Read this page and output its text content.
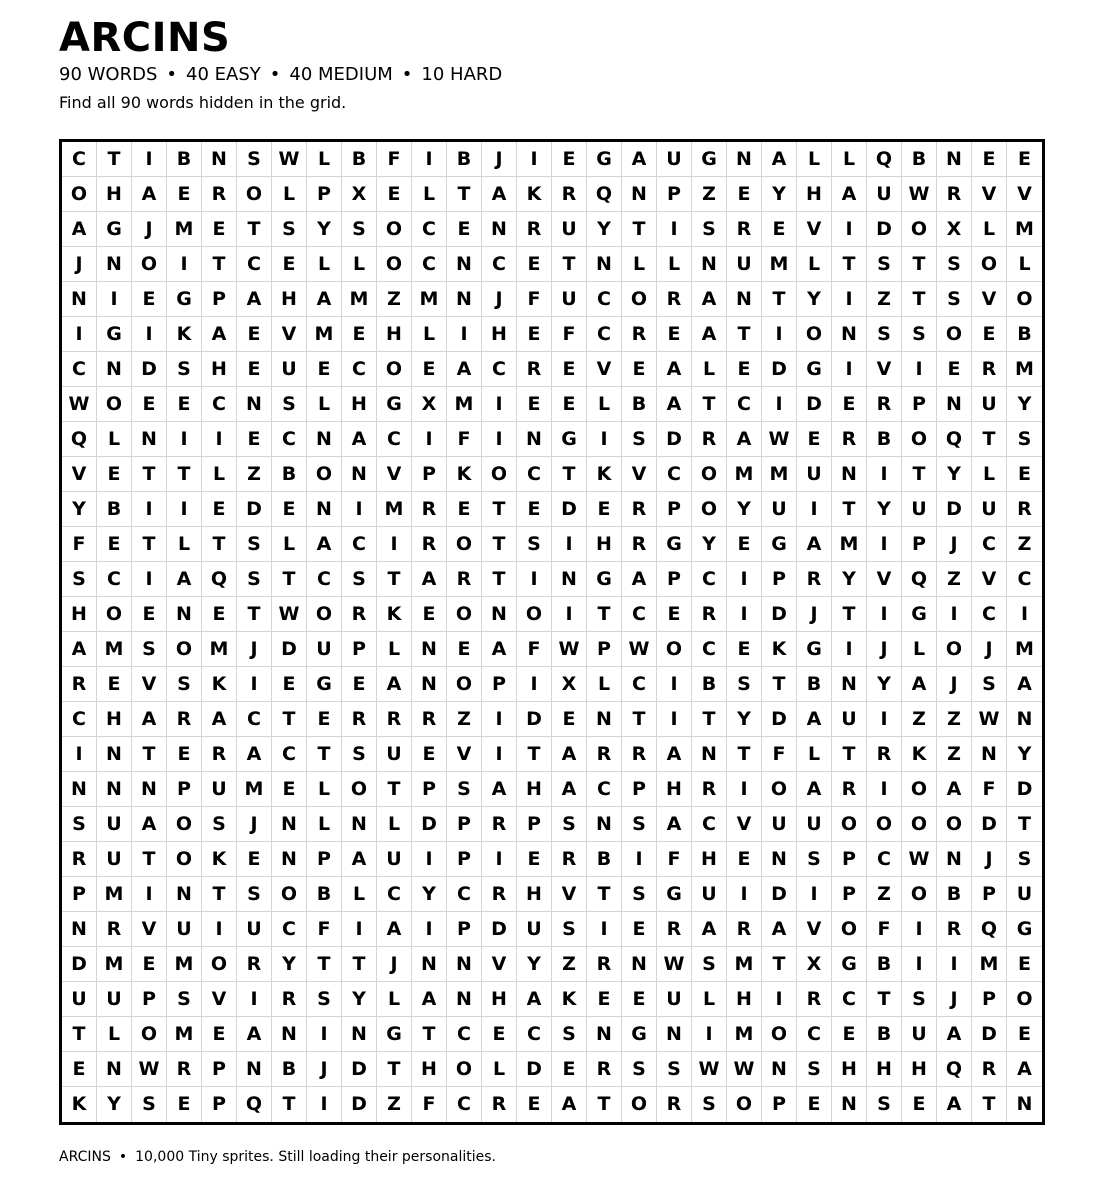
ARCINS
90 WORDS • 40 EASY • 40 MEDIUM • 10 HARD
Find all 90 words hidden in the grid.
C	T	I	B	N	S W L	B	F	I	B	J	I	E	G	A	U	G	N	A	L	L	Q	B	N	E	E
O H	A	E	R	O	L	P	X	E	L	T	A	K	R	Q N	P	Z	E	Y	H	A	U W R	V	V
A	G	J	M	E	T	S	Y	S	O	C	E	N	R	U	Y	T	I	S	R	E	V	I	D	O	X	L	M
J	N O	I	T	C	E	L	L	O	C	N	C	E	T	N	L	L	N	U M	L	T	S	T	S	O	L
N	I	E	G	P	A	H	A M Z M N	J	F	U	C	O	R	A	N	T	Y	I	Z	T	S	V	O
I	G	I	K	A	E	V M	E	H	L	I	H	E	F	C	R	E	A	T	I	O N	S	S	O	E	B
C	N	D	S	H	E	U	E	C	O	E	A	C	R	E	V	E	A	L	E	D	G	I	V	I	E	R M
W O	E	E	C	N	S	L	H	G	X M	I	E	E	L	B	A	T	C	I	D	E	R	P	N	U	Y
Q	L	N	I	I	E	C	N	A	C	I	F	I	N	G	I	S	D	R	A W E	R	B	O Q	T	S
V	E	T	T	L	Z	B	O N	V	P	K	O	C	T	K	V	C	O M M U	N	I	T	Y	L	E
Y	B	I	I	E	D	E	N	I	M R	E	T	E	D	E	R	P	O	Y	U	I	T	Y	U	D	U	R
F	E	T	L	T	S	L	A	C	I	R	O	T	S	I	H	R	G	Y	E	G	A M	I	P	J	C	Z
S	C	I	A	Q	S	T	C	S	T	A	R	T	I	N	G	A	P	C	I	P	R	Y	V	Q	Z	V	C
H O	E	N	E	T W O	R	K	E	O N O	I	T	C	E	R	I	D	J	T	I	G	I	C	I
A M S	O M	J	D	U	P	L	N	E	A	F W P W O	C	E	K	G	I	J	L	O	J	M
R	E	V	S	K	I	E	G	E	A	N O	P	I	X	L	C	I	B	S	T	B	N	Y	A	J	S	A
C	H	A	R	A	C	T	E	R	R	R	Z	I	D	E	N	T	I	T	Y	D	A	U	I	Z	Z W N
I	N	T	E	R	A	C	T	S	U	E	V	I	T	A	R	R	A	N	T	F	L	T	R	K	Z	N	Y
N	N	N	P	U M	E	L	O	T	P	S	A	H	A	C	P	H	R	I	O	A	R	I	O	A	F	D
S	U	A	O	S	J	N	L	N	L	D	P	R	P	S	N	S	A	C	V	U	U	O O O O	D	T
R	U	T	O	K	E	N	P	A	U	I	P	I	E	R	B	I	F	H	E	N	S	P	C W N	J	S
P M	I	N	T	S	O	B	L	C	Y	C	R	H	V	T	S	G	U	I	D	I	P	Z	O	B	P	U
N	R	V	U	I	U	C	F	I	A	I	P	D	U	S	I	E	R	A	R	A	V	O	F	I	R	Q	G
D M	E	M O	R	Y	T	T	J	N	N	V	Y	Z	R	N W S M	T	X	G	B	I	I	M	E
U	U	P	S	V	I	R	S	Y	L	A	N	H	A	K	E	E	U	L	H	I	R	C	T	S	J	P	O
T	L	O M	E	A	N	I	N	G	T	C	E	C	S	N	G	N	I	M O	C	E	B	U	A	D	E
E	N W R	P	N	B	J	D	T	H O	L	D	E	R	S	S W W N	S	H	H	H Q	R	A
K	Y	S	E	P	Q	T	I	D	Z	F	C	R	E	A	T	O	R	S	O	P	E	N	S	E	A	T	N
ARCINS • 10,000 Tiny sprites. Still loading their personalities.
